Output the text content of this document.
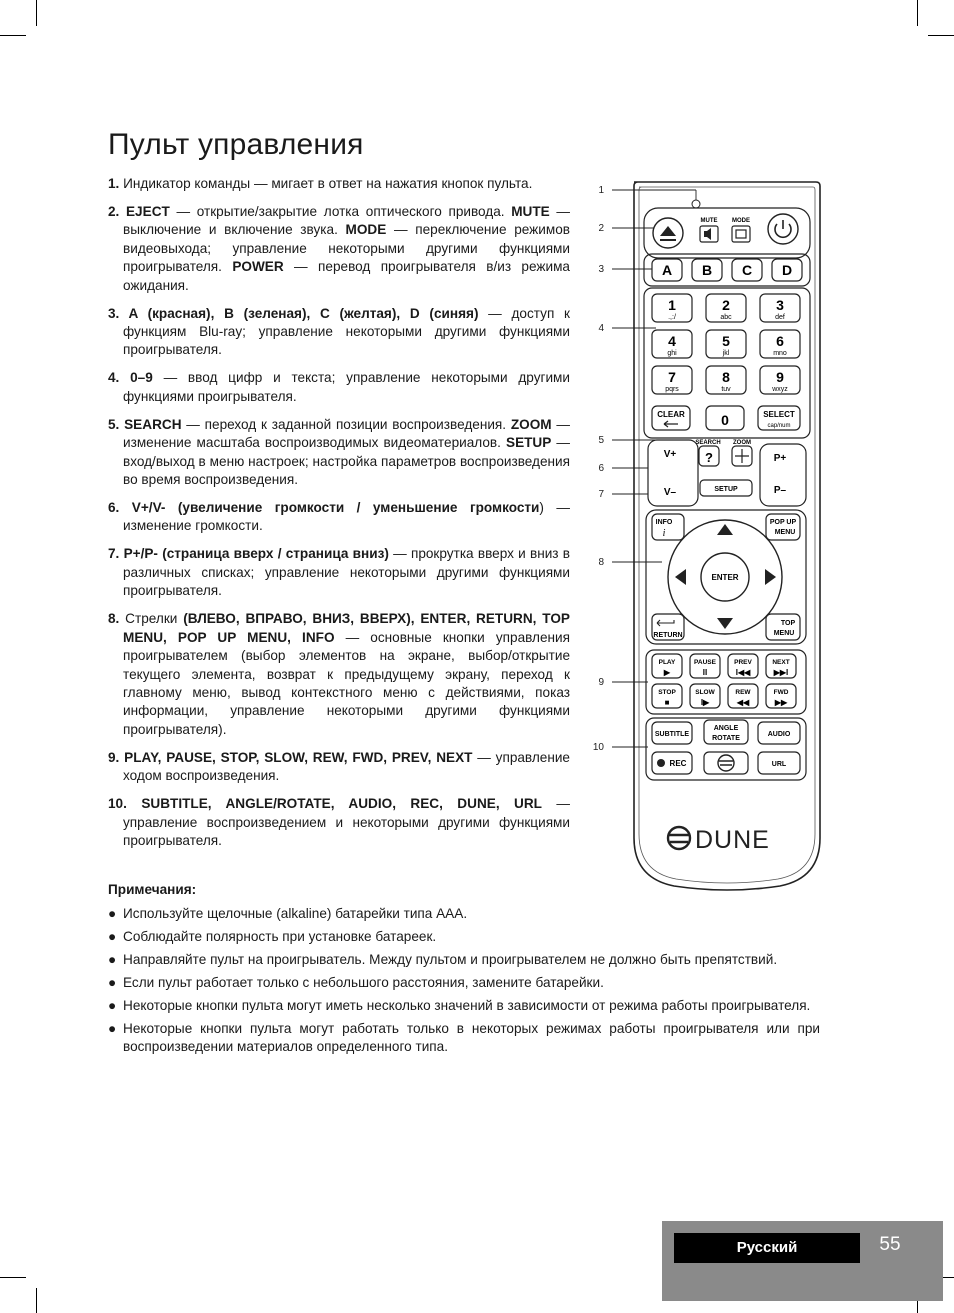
Пульт управления
1. Индикатор команды — мигает в ответ на нажатия кнопок пульта.
2. EJECT — открытие/закрытие лотка оптического привода. MUTE — выключение и включение звука. MODE — переключение режимов видеовыхода; управление некоторыми другими функциями проигрывателя. POWER — перевод проигрывателя в/из режима ожидания.
3. A (красная), B (зеленая), C (желтая), D (синяя) — доступ к функциям Blu-ray; управление некоторыми другими функциями проигрывателя.
4. 0–9 — ввод цифр и текста; управление некоторыми другими функциями проигрывателя.
5. SEARCH — переход к заданной позиции воспроизведения. ZOOM — изменение масштаба воспроизводимых видеоматериалов. SETUP — вход/выход в меню настроек; настройка параметров воспроизведения во время воспроизведения.
6. V+/V- (увеличение громкости / уменьшение громкости) — изменение громкости.
7. P+/P- (страница вверх / страница вниз) — прокрутка вверх и вниз в различных списках; управление некоторыми другими функциями проигрывателя.
8. Стрелки (ВЛЕВО, ВПРАВО, ВНИЗ, ВВЕРХ), ENTER, RETURN, TOP MENU, POP UP MENU, INFO — основные кнопки управления проигрывателем (выбор элементов на экране, выбор/открытие текущего элемента, возврат к предыдущему экрану, переход к главному меню, вывод контекстного меню с действиями, показ информации, управление некоторыми другими функциями проигрывателя).
9. PLAY, PAUSE, STOP, SLOW, REW, FWD, PREV, NEXT — управление ходом воспроизведения.
10. SUBTITLE, ANGLE/ROTATE, AUDIO, REC, DUNE, URL — управление воспроизведением и некоторыми другими функциями проигрывателя.
Примечания:
● Используйте щелочные (alkaline) батарейки типа AAA.
● Соблюдайте полярность при установке батареек.
● Направляйте пульт на проигрыватель. Между пультом и проигрывателем не должно быть препятствий.
● Если пульт работает только с небольшого расстояния, замените батарейки.
● Некоторые кнопки пульта могут иметь несколько значений в зависимости от режима работы проигрывателя.
● Некоторые кнопки пульта могут работать только в некоторых режимах работы проигрывателя или при воспроизведении материалов определенного типа.
1
2
3
4
5
6
7
8
9
10
MUTE MODE
A B C D
1
.,:/
2
abc
3
def
4
ghi
5
jkl
6
mno
7
pqrs
8
tuv
9
wxyz
CLEAR	0	SELECT
cap/num
V+
V–
SEARCH ZOOM
?
SETUP
P+
P–
INFO
i
POP UP
MENU
ENTER
RETURN
TOP
MENU
PLAY
▶
PAUSE
II
PREV
I◀◀
NEXT
▶▶I
STOP
■
SLOW
I▶
REW
◀◀
FWD
▶▶
SUBTITLE
ANGLE
ROTATE
AUDIO
REC	URL
DUNE
Русский	55
